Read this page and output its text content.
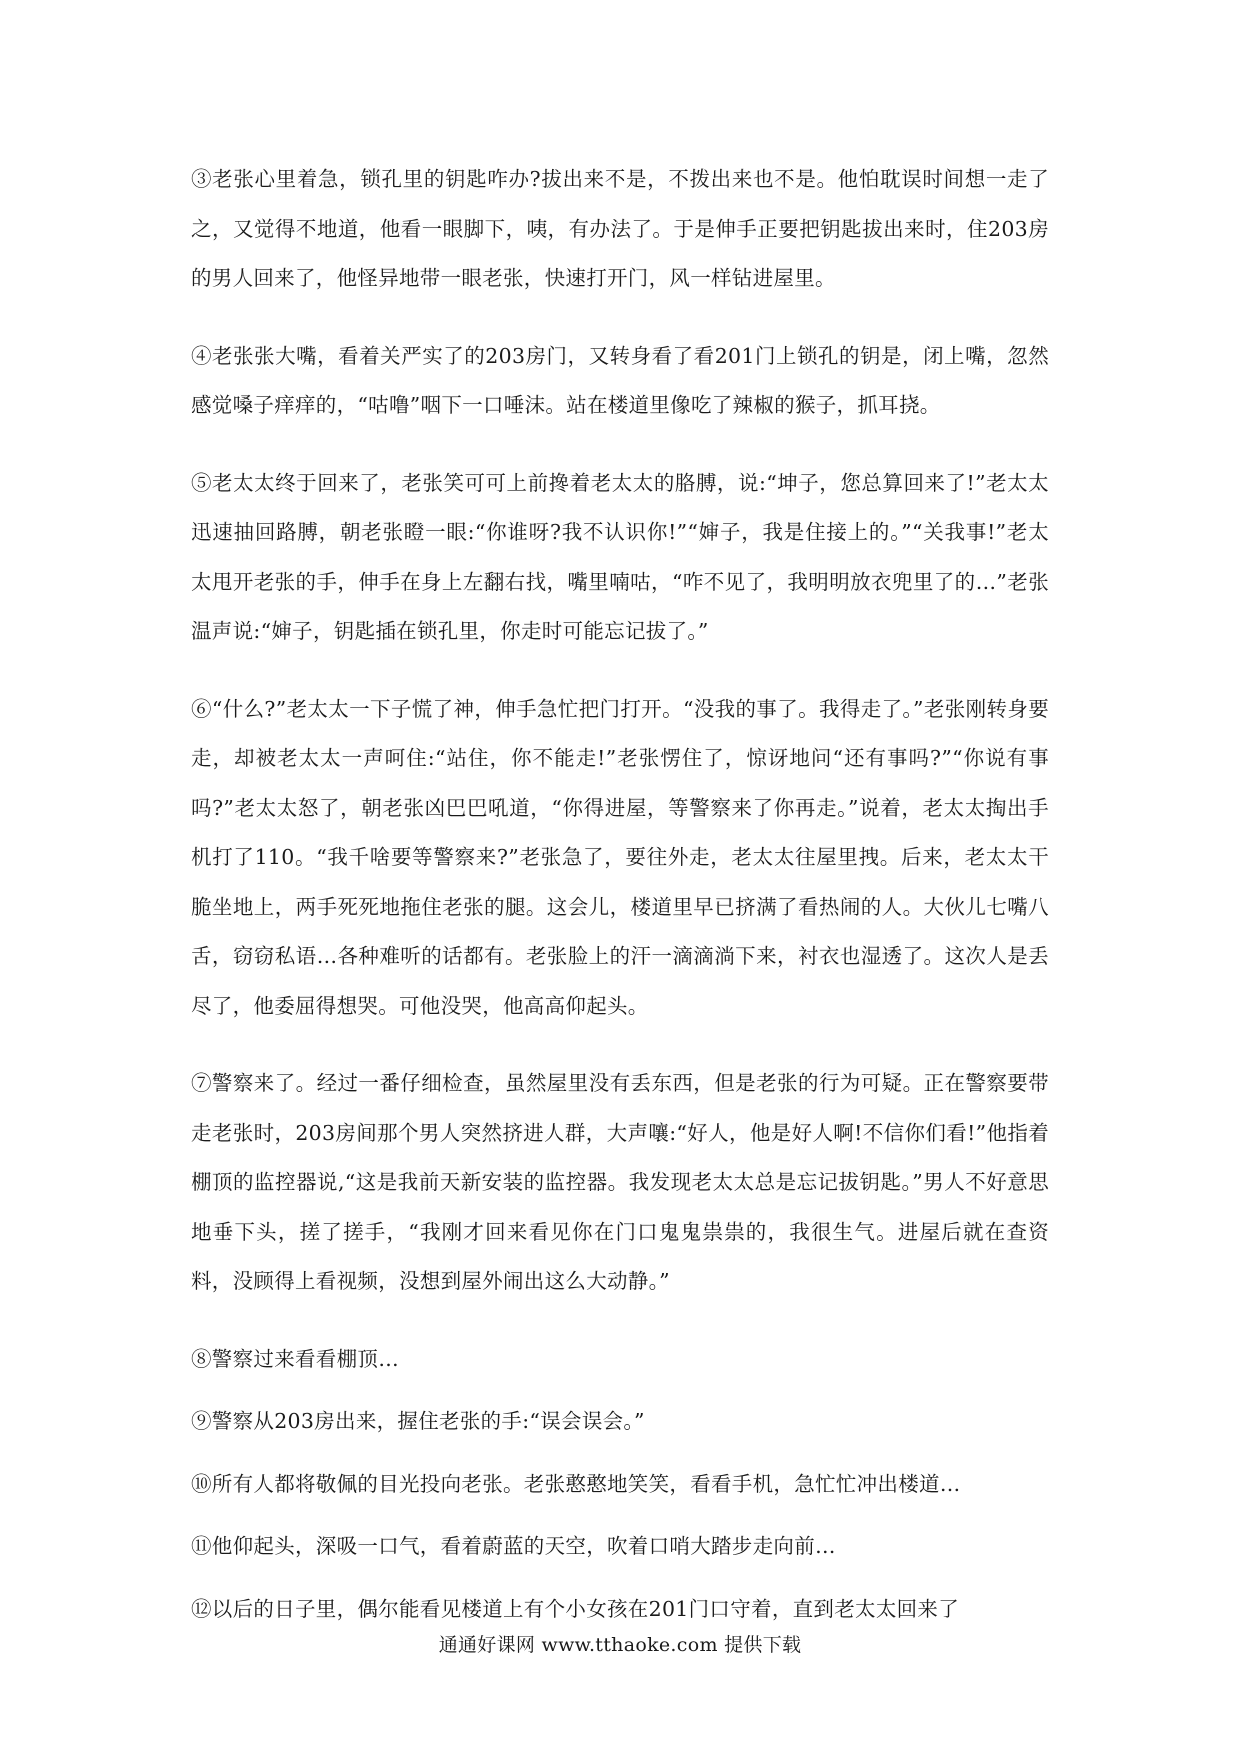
③老张心里着急，锁孔里的钥匙咋办?拔出来不是，不拨出来也不是。他怕耽误时间想一走了之，又觉得不地道，他看一眼脚下，咦，有办法了。于是伸手正要把钥匙拔出来时，住203房的男人回来了，他怪异地带一眼老张，快速打开门，风一样钻进屋里。

④老张张大嘴，看着关严实了的203房门，又转身看了看201门上锁孔的钥是，闭上嘴，忽然感觉嗓子痒痒的，“咕噜”咽下一口唾沫。站在楼道里像吃了辣椒的猴子，抓耳挠。

⑤老太太终于回来了，老张笑可可上前搀着老太太的胳膊，说:“坤子，您总算回来了!”老太太迅速抽回路膊，朝老张瞪一眼:“你谁呀?我不认识你!”“婶子，我是住接上的。”“关我事!”老太太甩开老张的手，伸手在身上左翻右找，嘴里喃咕，“咋不见了，我明明放衣兜里了的…”老张温声说:“婶子，钥匙插在锁孔里，你走时可能忘记拔了。”

⑥“什么?”老太太一下子慌了神，伸手急忙把门打开。“没我的事了。我得走了。”老张刚转身要走，却被老太太一声呵住:“站住，你不能走!”老张愣住了，惊讶地问“还有事吗?”“你说有事吗?”老太太怒了，朝老张凶巴巴吼道，“你得进屋，等警察来了你再走。”说着，老太太掏出手机打了110。“我千啥要等警察来?”老张急了，要往外走，老太太往屋里拽。后来，老太太干脆坐地上，两手死死地拖住老张的腿。这会儿，楼道里早已挤满了看热闹的人。大伙儿七嘴八舌，窃窃私语…各种难听的话都有。老张脸上的汗一滴滴淌下来，衬衣也湿透了。这次人是丢尽了，他委屈得想哭。可他没哭，他高高仰起头。

⑦警察来了。经过一番仔细检查，虽然屋里没有丢东西，但是老张的行为可疑。正在警察要带走老张时，203房间那个男人突然挤进人群，大声嚷:“好人，他是好人啊!不信你们看!”他指着棚顶的监控器说,“这是我前天新安装的监控器。我发现老太太总是忘记拔钥匙。”男人不好意思地垂下头，搓了搓手，“我刚才回来看见你在门口鬼鬼祟祟的，我很生气。进屋后就在查资料，没顾得上看视频，没想到屋外闹出这么大动静。”

⑧警察过来看看棚顶…

⑨警察从203房出来，握住老张的手:“误会误会。”

⑩所有人都将敬佩的目光投向老张。老张憨憨地笑笑，看看手机，急忙忙冲出楼道…

⑪他仰起头，深吸一口气，看着蔚蓝的天空，吹着口哨大踏步走向前…

⑫以后的日子里，偶尔能看见楼道上有个小女孩在201门口守着，直到老太太回来了

通通好课网 www.tthaoke.com 提供下载
